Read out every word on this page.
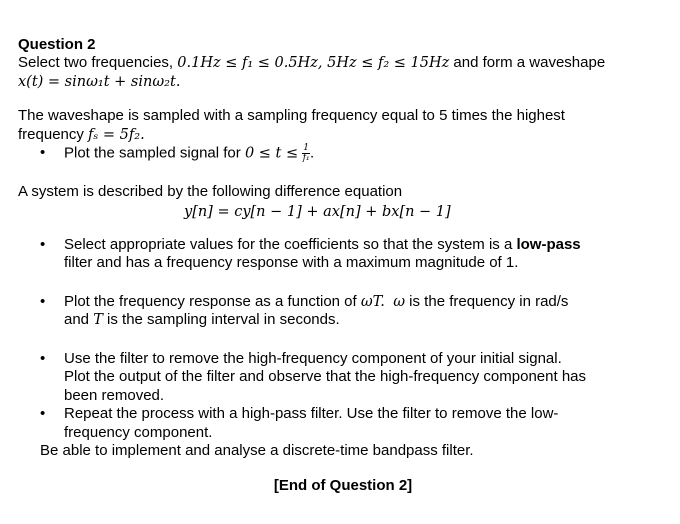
Question 2

Select two frequencies, 0.1Hz ≤ f₁ ≤ 0.5Hz, 5Hz ≤ f₂ ≤ 15Hz and form a waveshape

x(t) = sinω₁t + sinω₂t.

The waveshape is sampled with a sampling frequency equal to 5 times the highest

frequency fₛ = 5f₂.

• Plot the sampled signal for $0 \le t \le \frac{1}{\text{f₁}}$ .

A system is described by the following difference equation

y[n] = cy[n − 1] + ax[n] + bx[n − 1]

• Select appropriate values for the coefficients so that the system is a low-pass
filter and has a frequency response with a maximum magnitude of 1.
• Plot the frequency response as a function of ωT. ω is the frequency in rad/s
and T is the sampling interval in seconds.
• Use the filter to remove the high-frequency component of your initial signal.
Plot the output of the filter and observe that the high-frequency component has
been removed.
• Repeat the process with a high-pass filter. Use the filter to remove the low-
frequency component.

Be able to implement and analyse a discrete-time bandpass filter.

[End of Question 2]
